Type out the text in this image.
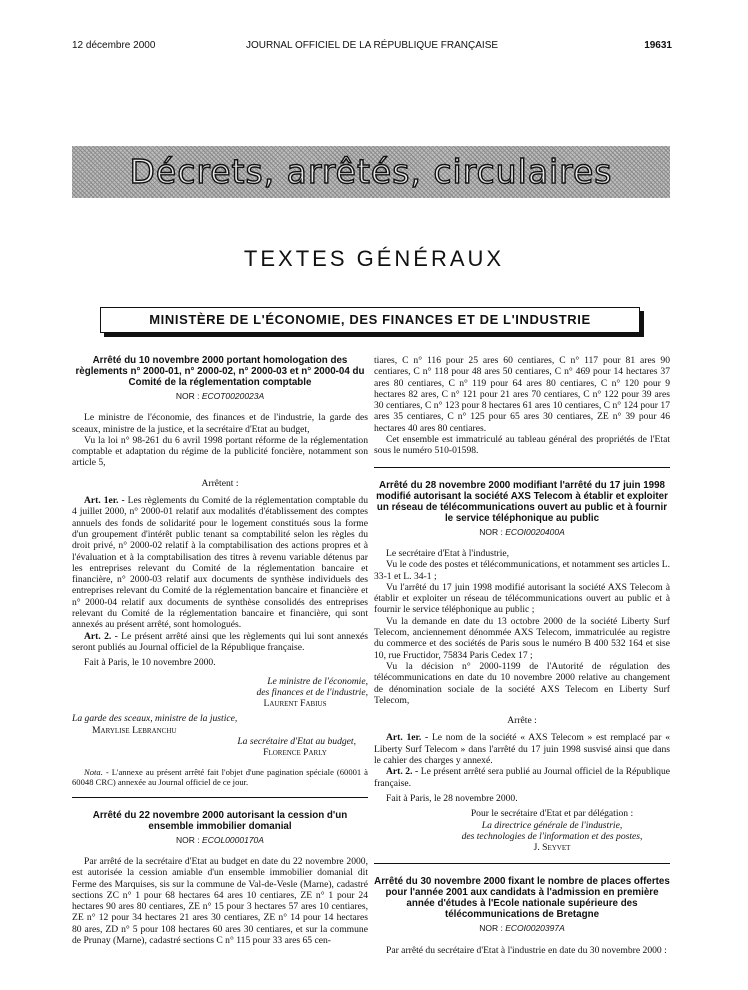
12 décembre 2000	JOURNAL OFFICIEL DE LA RÉPUBLIQUE FRANÇAISE	19631
Décrets, arrêtés, circulaires
TEXTES GÉNÉRAUX
MINISTÈRE DE L'ÉCONOMIE, DES FINANCES ET DE L'INDUSTRIE

Arrêté du 10 novembre 2000 portant homologation des règlements n° 2000-01, n° 2000-02, n° 2000-03 et n° 2000-04 du Comité de la réglementation comptable

NOR : ECOT0020023A

Le ministre de l'économie, des finances et de l'industrie, la garde des sceaux, ministre de la justice, et la secrétaire d'Etat au budget,

Vu la loi n° 98-261 du 6 avril 1998 portant réforme de la réglementation comptable et adaptation du régime de la publicité foncière, notamment son article 5,

Arrêtent :

Art. 1er. - Les règlements du Comité de la réglementation comptable du 4 juillet 2000, n° 2000-01 relatif aux modalités d'établissement des comptes annuels des fonds de solidarité pour le logement constitués sous la forme d'un groupement d'intérêt public tenant sa comptabilité selon les règles du droit privé, n° 2000-02 relatif à la comptabilisation des actions propres et à l'évaluation et à la comptabilisation des titres à revenu variable détenus par les entreprises relevant du Comité de la réglementation bancaire et financière, n° 2000-03 relatif aux documents de synthèse individuels des entreprises relevant du Comité de la réglementation bancaire et financière et n° 2000-04 relatif aux documents de synthèse consolidés des entreprises relevant du Comité de la réglementation bancaire et financière, qui sont annexés au présent arrêté, sont homologués.

Art. 2. - Le présent arrêté ainsi que les règlements qui lui sont annexés seront publiés au Journal officiel de la République française.

Fait à Paris, le 10 novembre 2000.

Le ministre de l'économie,

des finances et de l'industrie,

Laurent Fabius

La garde des sceaux, ministre de la justice,

Marylise Lebranchu

La secrétaire d'Etat au budget,

Florence Parly

Nota. - L'annexe au présent arrêté fait l'objet d'une pagination spéciale (60001 à 60048 CRC) annexée au Journal officiel de ce jour.

Arrêté du 22 novembre 2000 autorisant la cession d'un ensemble immobilier domanial

NOR : ECOL0000170A

Par arrêté de la secrétaire d'Etat au budget en date du 22 novembre 2000, est autorisée la cession amiable d'un ensemble immobilier domanial dit Ferme des Marquises, sis sur la commune de Val-de-Vesle (Marne), cadastré sections ZC n° 1 pour 68 hectares 64 ares 10 centiares, ZE n° 1 pour 24 hectares 90 ares 80 centiares, ZE n° 15 pour 3 hectares 57 ares 10 centiares, ZE n° 12 pour 34 hectares 21 ares 30 centiares, ZE n° 14 pour 14 hectares 80 ares, ZD n° 5 pour 108 hectares 60 ares 30 centiares, et sur la commune de Prunay (Marne), cadastré sections C n° 115 pour 33 ares 65 cen-

tiares, C n° 116 pour 25 ares 60 centiares, C n° 117 pour 81 ares 90 centiares, C n° 118 pour 48 ares 50 centiares, C n° 469 pour 14 hectares 37 ares 80 centiares, C n° 119 pour 64 ares 80 centiares, C n° 120 pour 9 hectares 82 ares, C n° 121 pour 21 ares 70 centiares, C n° 122 pour 39 ares 30 centiares, C n° 123 pour 8 hectares 61 ares 10 centiares, C n° 124 pour 17 ares 35 centiares, C n° 125 pour 65 ares 30 centiares, ZE n° 39 pour 46 hectares 40 ares 80 centiares.

Cet ensemble est immatriculé au tableau général des propriétés de l'Etat sous le numéro 510-01598.

Arrêté du 28 novembre 2000 modifiant l'arrêté du 17 juin 1998 modifié autorisant la société AXS Telecom à établir et exploiter un réseau de télécommunications ouvert au public et à fournir le service téléphonique au public

NOR : ECOI0020400A

Le secrétaire d'Etat à l'industrie,

Vu le code des postes et télécommunications, et notamment ses articles L. 33-1 et L. 34-1 ;

Vu l'arrêté du 17 juin 1998 modifié autorisant la société AXS Telecom à établir et exploiter un réseau de télécommunications ouvert au public et à fournir le service téléphonique au public ;

Vu la demande en date du 13 octobre 2000 de la société Liberty Surf Telecom, anciennement dénommée AXS Telecom, immatriculée au registre du commerce et des sociétés de Paris sous le numéro B 400 532 164 et sise 10, rue Fructidor, 75834 Paris Cedex 17 ;

Vu la décision n° 2000-1199 de l'Autorité de régulation des télécommunications en date du 10 novembre 2000 relative au changement de dénomination sociale de la société AXS Telecom en Liberty Surf Telecom,

Arrête :

Art. 1er. - Le nom de la société « AXS Telecom » est remplacé par « Liberty Surf Telecom » dans l'arrêté du 17 juin 1998 susvisé ainsi que dans le cahier des charges y annexé.

Art. 2. - Le présent arrêté sera publié au Journal officiel de la République française.

Fait à Paris, le 28 novembre 2000.

Pour le secrétaire d'Etat et par délégation :

La directrice générale de l'industrie,

des technologies de l'information et des postes,

J. Seyvet

Arrêté du 30 novembre 2000 fixant le nombre de places offertes pour l'année 2001 aux candidats à l'admission en première année d'études à l'Ecole nationale supérieure des télécommunications de Bretagne

NOR : ECOI0020397A

Par arrêté du secrétaire d'Etat à l'industrie en date du 30 novembre 2000 :
